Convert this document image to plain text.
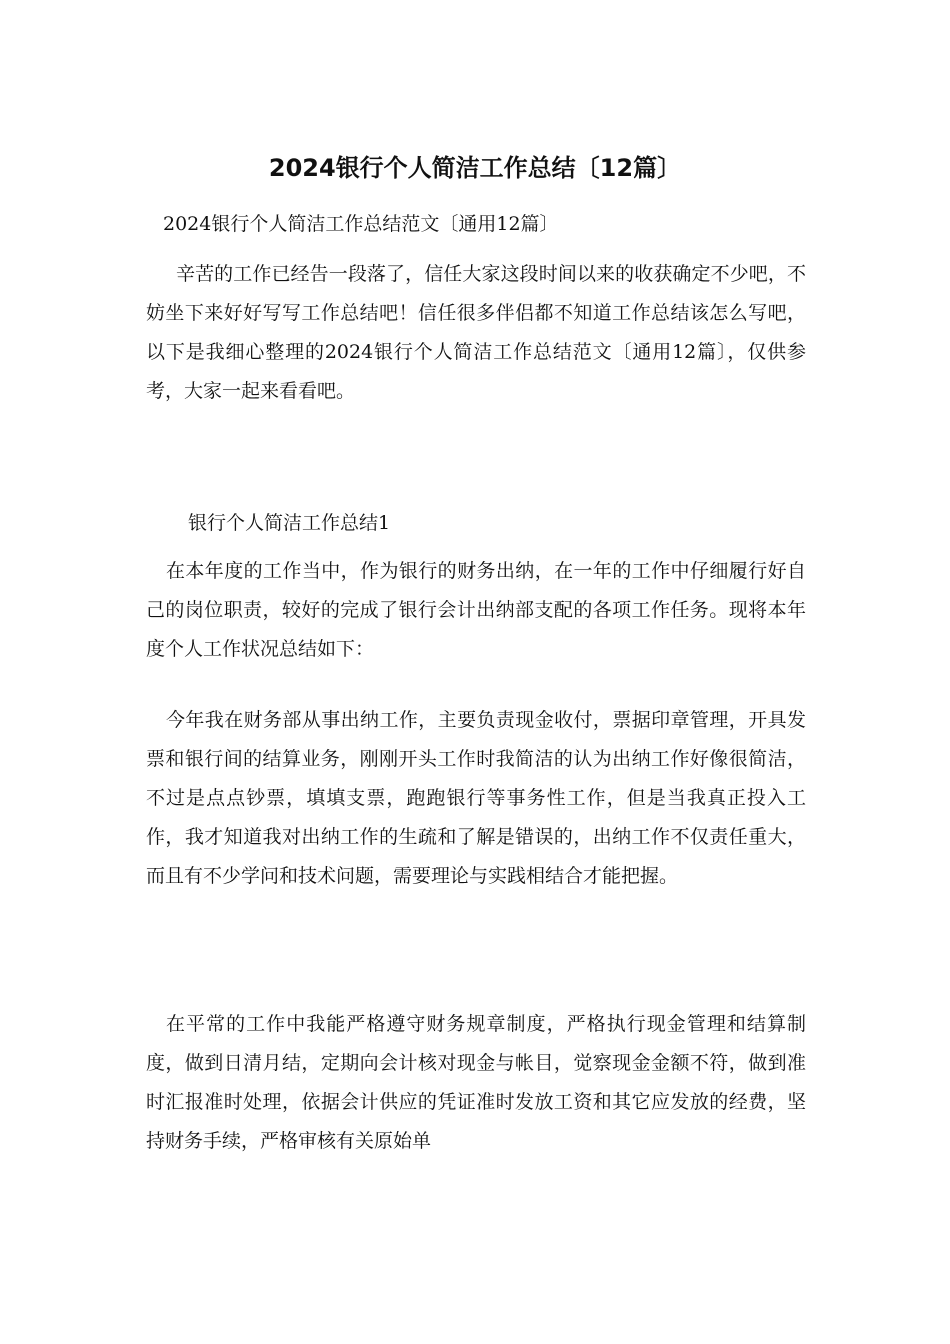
2024银行个人简洁工作总结〔12篇〕
2024银行个人简洁工作总结范文〔通用12篇〕

辛苦的工作已经告一段落了，信任大家这段时间以来的收获确定不少吧，不妨坐下来好好写写工作总结吧！信任很多伴侣都不知道工作总结该怎么写吧，以下是我细心整理的2024银行个人简洁工作总结范文〔通用12篇〕，仅供参考，大家一起来看看吧。

银行个人简洁工作总结1

在本年度的工作当中，作为银行的财务出纳，在一年的工作中仔细履行好自己的岗位职责，较好的完成了银行会计出纳部支配的各项工作任务。现将本年度个人工作状况总结如下：

今年我在财务部从事出纳工作，主要负责现金收付，票据印章管理，开具发票和银行间的结算业务，刚刚开头工作时我简洁的认为出纳工作好像很简洁，不过是点点钞票，填填支票，跑跑银行等事务性工作，但是当我真正投入工作，我才知道我对出纳工作的生疏和了解是错误的，出纳工作不仅责任重大，而且有不少学问和技术问题，需要理论与实践相结合才能把握。

在平常的工作中我能严格遵守财务规章制度，严格执行现金管理和结算制度，做到日清月结，定期向会计核对现金与帐目，觉察现金金额不符，做到准时汇报准时处理，依据会计供应的凭证准时发放工资和其它应发放的经费，坚持财务手续，严格审核有关原始单
